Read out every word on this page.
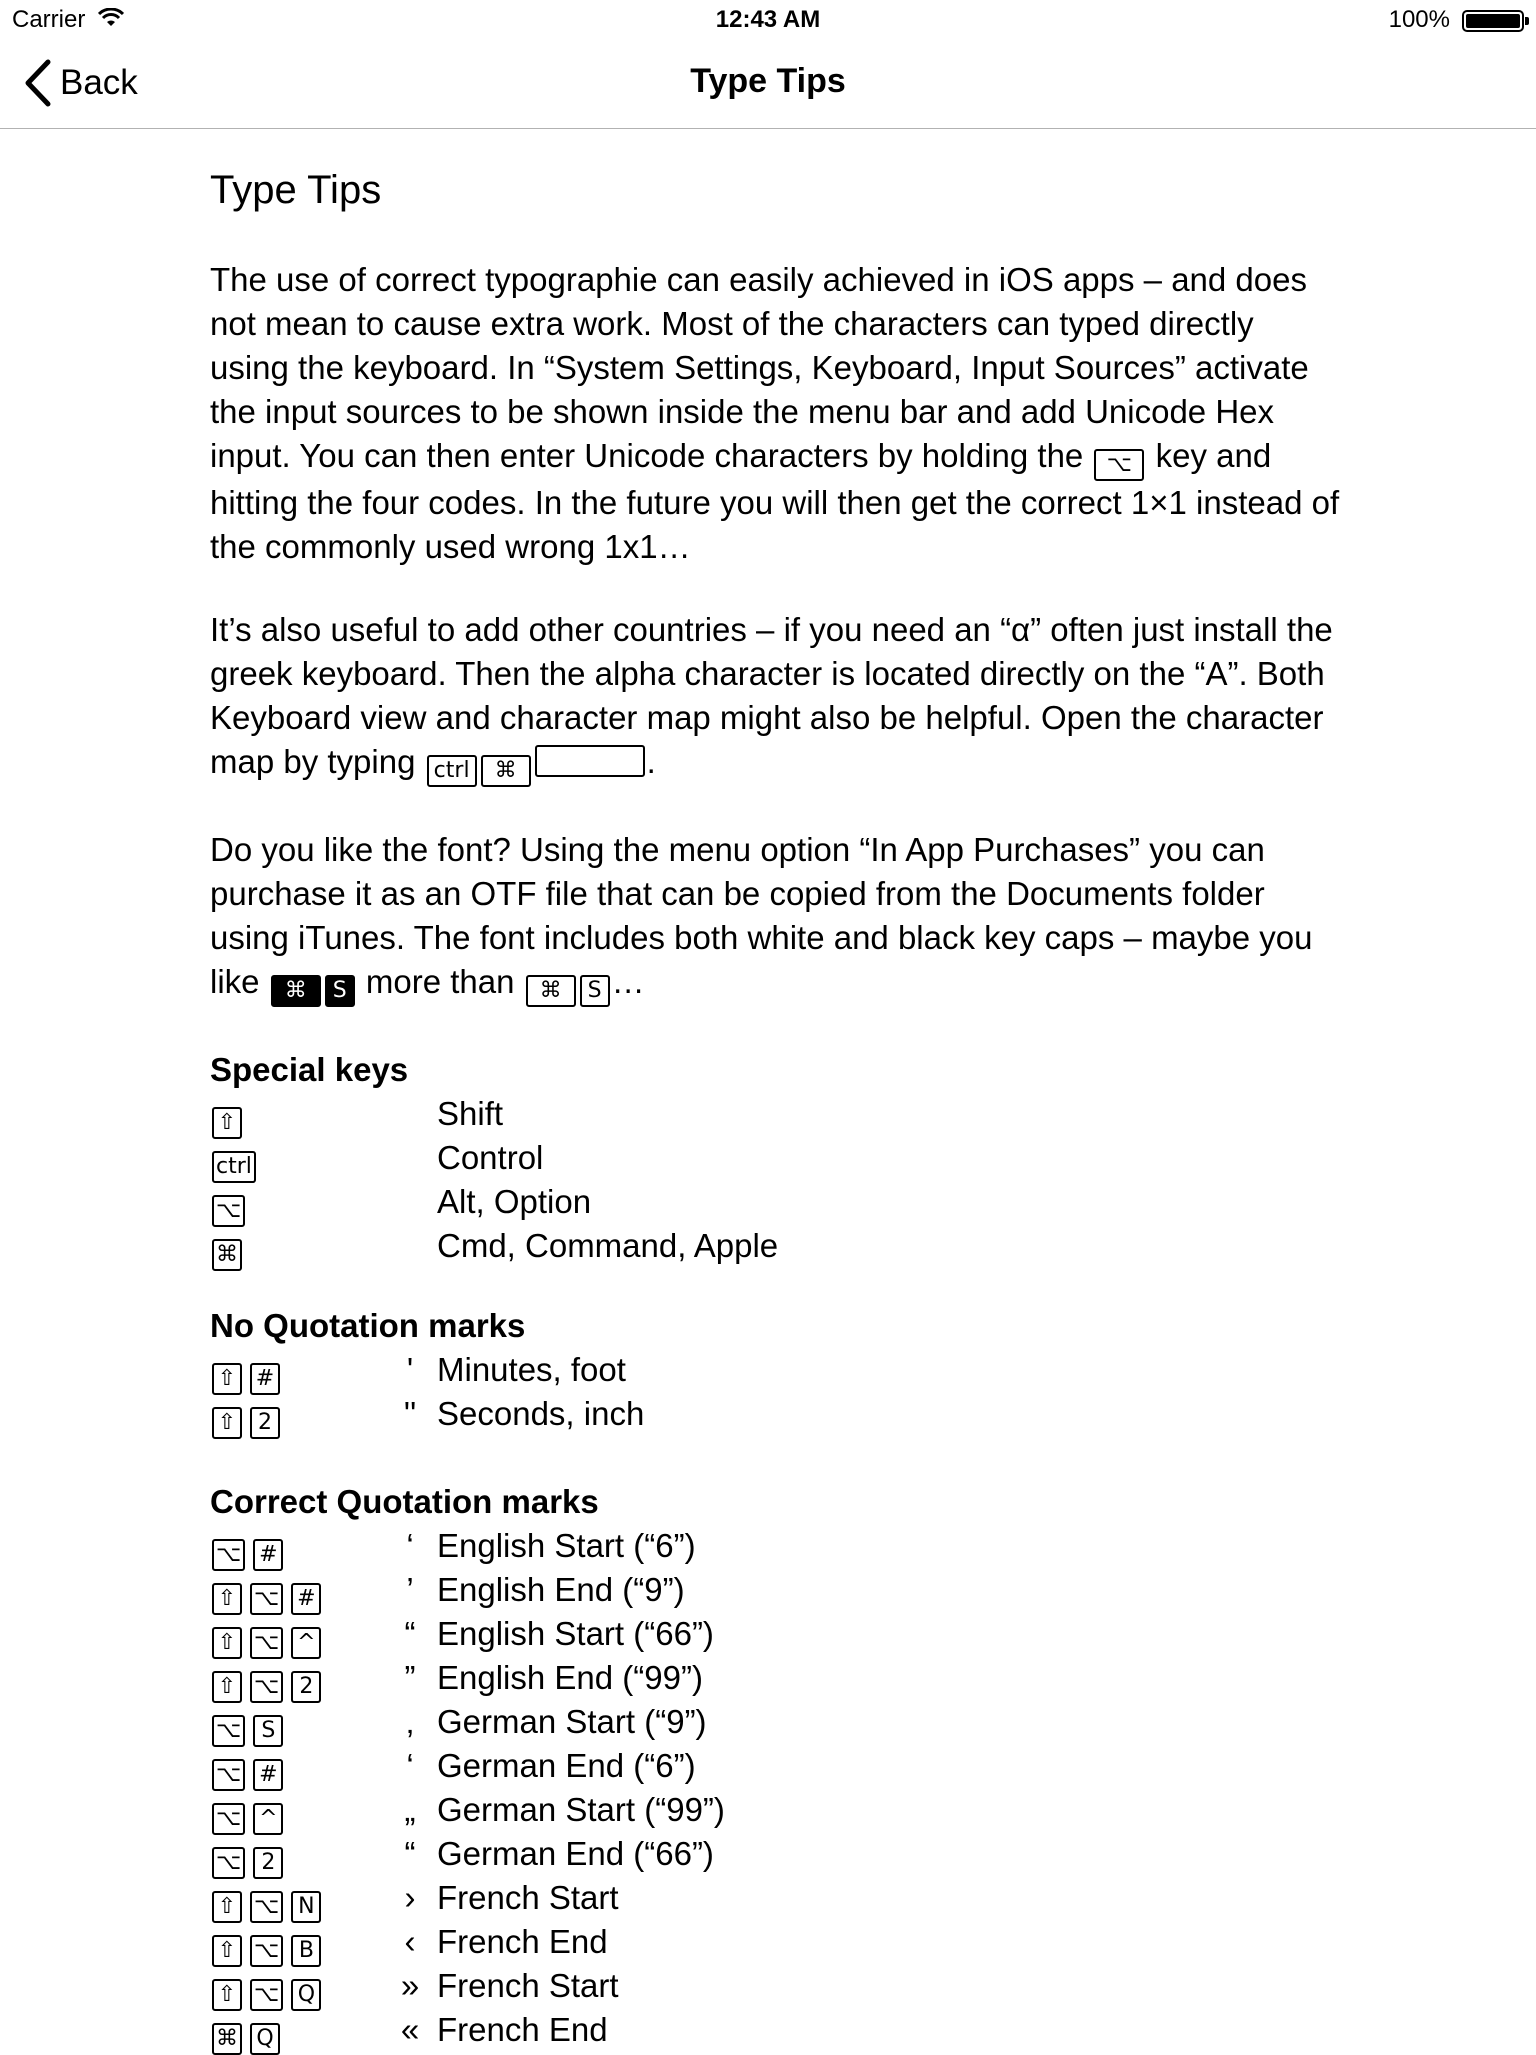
Carrier	12:43 AM	100%
Back	Type Tips
Type Tips

The use of correct typographie can easily achieved in iOS apps – and does not mean to cause extra work. Most of the characters can typed directly using the keyboard. In “System Settings, Keyboard, Input Sources” activate the input sources to be shown inside the menu bar and add Unicode Hex input. You can then enter Unicode characters by holding the ⌥ key and hitting the four codes. In the future you will then get the correct 1×1 instead of the commonly used wrong 1x1…

It’s also useful to add other countries – if you need an “α” often just install the greek keyboard. Then the alpha character is located directly on the “A”. Both Keyboard view and character map might also be helpful. Open the character map by typing ctrl ⌘	.

Do you like the font? Using the menu option “In App Purchases” you can purchase it as an OTF file that can be copied from the Documents folder using iTunes. The font includes both white and black key caps – maybe you like ⌘ S more than ⌘ S …

Special keys
⇧	Shift
ctrl	Control
⌥	Alt, Option
⌘	Cmd, Command, Apple
No Quotation marks
⇧ #	' Minutes, foot
⇧ 2	'' Seconds, inch
Correct Quotation marks
⌥ #	‘ English Start (“6”)
⇧ ⌥ #	’ English End (“9”)
⇧ ⌥ ^	“ English Start (“66”)
⇧ ⌥ 2	” English End (“99”)
⌥ S	‚ German Start (“9”)
⌥ #	‘ German End (“6”)
⌥ ^	„ German Start (“99”)
⌥ 2	“ German End (“66”)
⇧ ⌥ N	› French Start
⇧ ⌥ B	‹ French End
⇧ ⌥ Q	» French Start
⌘ Q	« French End
